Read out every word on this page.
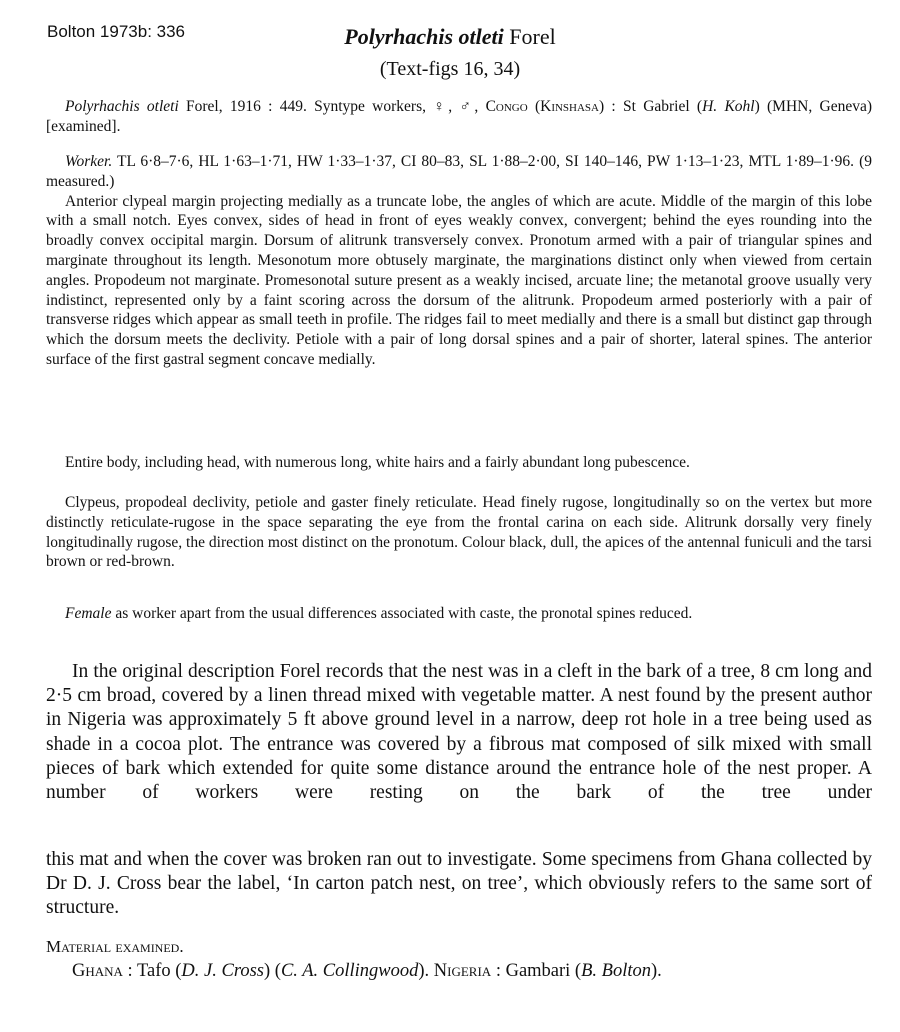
Bolton 1973b: 336	Polyrhachis otleti Forel
(Text-figs 16, 34)

Polyrhachis otleti Forel, 1916 : 449. Syntype workers, ♀, ♂, Congo (Kinshasa) : St Gabriel (H. Kohl) (MHN, Geneva) [examined].

Worker. TL 6·8–7·6, HL 1·63–1·71, HW 1·33–1·37, CI 80–83, SL 1·88–2·00, SI 140–146, PW 1·13–1·23, MTL 1·89–1·96. (9 measured.)

Anterior clypeal margin projecting medially as a truncate lobe, the angles of which are acute. Middle of the margin of this lobe with a small notch. Eyes convex, sides of head in front of eyes weakly convex, convergent; behind the eyes rounding into the broadly convex occipital margin. Dorsum of alitrunk transversely convex. Pronotum armed with a pair of triangular spines and marginate throughout its length. Mesonotum more obtusely marginate, the marginations distinct only when viewed from certain angles. Propodeum not marginate. Promesonotal suture present as a weakly incised, arcuate line; the metanotal groove usually very indistinct, represented only by a faint scoring across the dorsum of the alitrunk. Propodeum armed posteriorly with a pair of transverse ridges which appear as small teeth in profile. The ridges fail to meet medially and there is a small but distinct gap through which the dorsum meets the declivity. Petiole with a pair of long dorsal spines and a pair of shorter, lateral spines. The anterior surface of the first gastral segment concave medially.

Entire body, including head, with numerous long, white hairs and a fairly abundant long pubescence.

Clypeus, propodeal declivity, petiole and gaster finely reticulate. Head finely rugose, longitudinally so on the vertex but more distinctly reticulate-rugose in the space separating the eye from the frontal carina on each side. Alitrunk dorsally very finely longitudinally rugose, the direction most distinct on the pronotum. Colour black, dull, the apices of the antennal funiculi and the tarsi brown or red-brown.

Female as worker apart from the usual differences associated with caste, the pronotal spines reduced.

In the original description Forel records that the nest was in a cleft in the bark of a tree, 8 cm long and 2·5 cm broad, covered by a linen thread mixed with vegetable matter. A nest found by the present author in Nigeria was approximately 5 ft above ground level in a narrow, deep rot hole in a tree being used as shade in a cocoa plot. The entrance was covered by a fibrous mat composed of silk mixed with small pieces of bark which extended for quite some distance around the entrance hole of the nest proper. A number of workers were resting on the bark of the tree under

this mat and when the cover was broken ran out to investigate. Some specimens from Ghana collected by Dr D. J. Cross bear the label, ‘In carton patch nest, on tree’, which obviously refers to the same sort of structure.

Material examined.
Ghana : Tafo (D. J. Cross) (C. A. Collingwood). Nigeria : Gambari (B. Bolton).
